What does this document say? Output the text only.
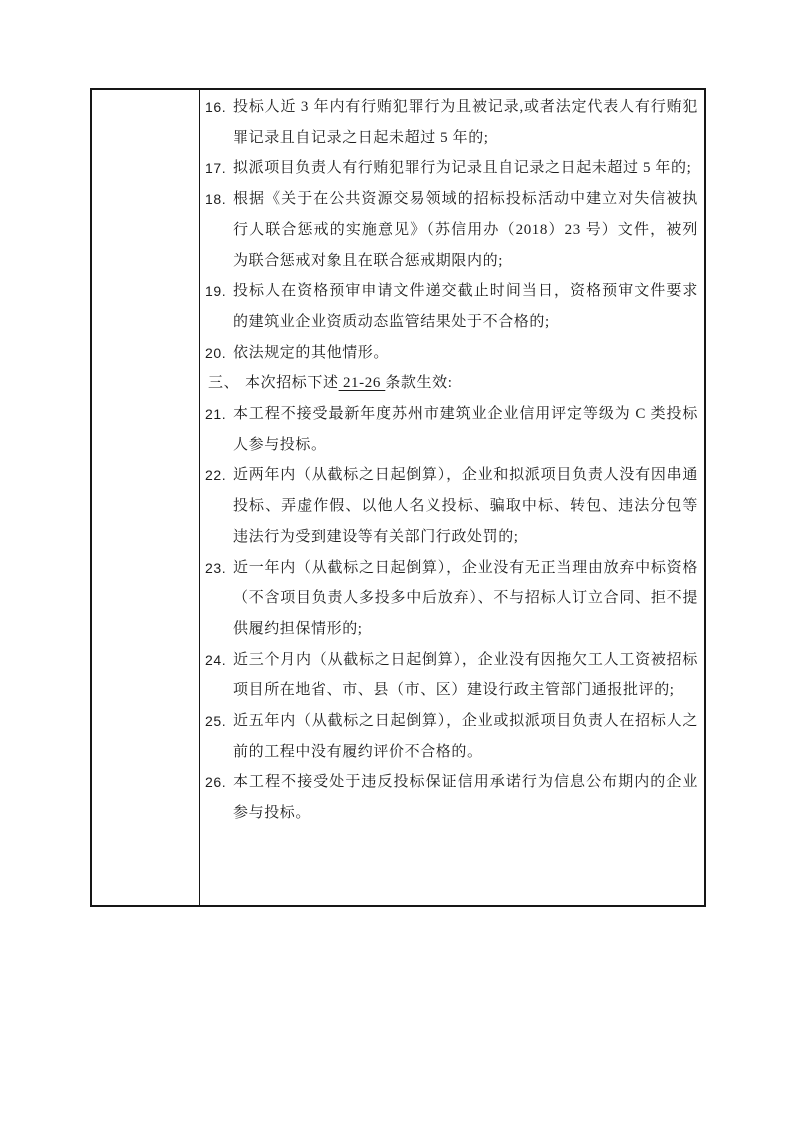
16. 投标人近 3 年内有行贿犯罪行为且被记录,或者法定代表人有行贿犯罪记录且自记录之日起未超过 5 年的;
17. 拟派项目负责人有行贿犯罪行为记录且自记录之日起未超过 5 年的;
18. 根据《关于在公共资源交易领域的招标投标活动中建立对失信被执行人联合惩戒的实施意见》（苏信用办（2018）23 号）文件，被列为联合惩戒对象且在联合惩戒期限内的;
19. 投标人在资格预审申请文件递交截止时间当日，资格预审文件要求的建筑业企业资质动态监管结果处于不合格的;
20. 依法规定的其他情形。
三、 本次招标下述 21-26 条款生效:
21. 本工程不接受最新年度苏州市建筑业企业信用评定等级为 C 类投标人参与投标。
22. 近两年内（从截标之日起倒算），企业和拟派项目负责人没有因串通投标、弄虚作假、以他人名义投标、骗取中标、转包、违法分包等违法行为受到建设等有关部门行政处罚的;
23. 近一年内（从截标之日起倒算），企业没有无正当理由放弃中标资格（不含项目负责人多投多中后放弃）、不与招标人订立合同、拒不提供履约担保情形的;
24. 近三个月内（从截标之日起倒算），企业没有因拖欠工人工资被招标项目所在地省、市、县（市、区）建设行政主管部门通报批评的;
25. 近五年内（从截标之日起倒算），企业或拟派项目负责人在招标人之前的工程中没有履约评价不合格的。
26. 本工程不接受处于违反投标保证信用承诺行为信息公布期内的企业参与投标。
